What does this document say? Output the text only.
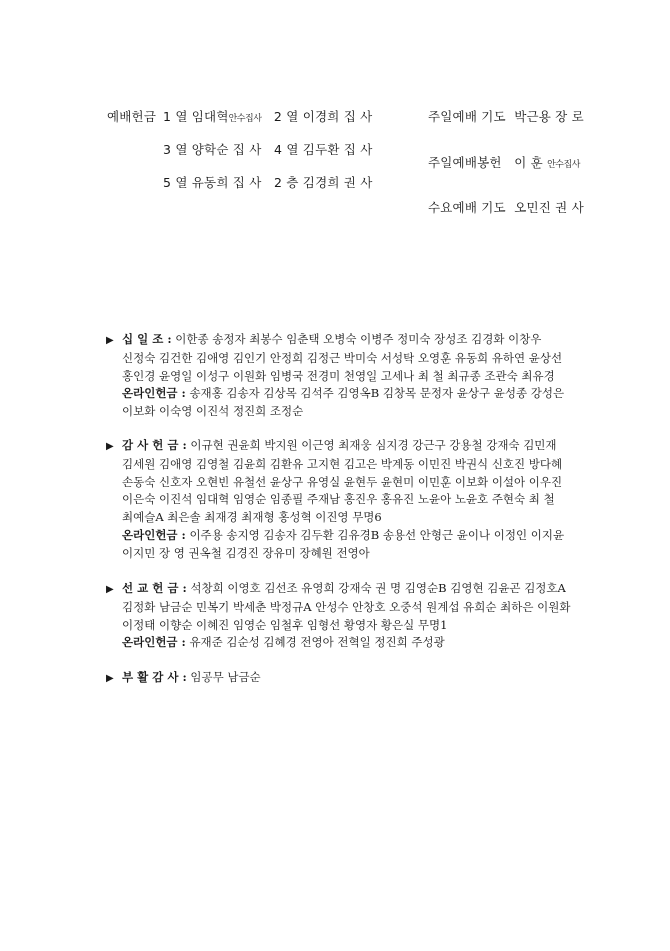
예배헌금 1 열 임대혁안수집사 2 열 이경희 집 사
3 열 양학순 집 사 4 열 김두환 집 사
5 열 유동희 집 사 2 층 김경희 권 사
주일예배 기도 박근용 장 로
주일예배봉헌 이 훈 안수집사
수요예배 기도 오민진 권 사
▶ 십 일 조 : 이한종 송정자 최봉수 임춘택 오병숙 이병주 정미숙 장성조 김경화 이창우
신정숙 김건한 김애영 김인기 안정희 김정근 박미숙 서성탁 오영훈 유동희 유하연 윤상선
홍인경 윤영일 이성구 이원화 임병국 전경미 천영일 고세나 최 철 최규종 조관숙 최유경
온라인헌금 : 송재홍 김송자 김상목 김석주 김영옥B 김창목 문정자 윤상구 윤성종 강성은
이보화 이숙영 이진석 정진희 조정순
▶ 감 사 헌 금 : 이규현 권윤희 박지원 이근영 최재웅 심지경 강근구 강용철 강재숙 김민재
김세원 김애영 김영철 김윤희 김환유 고지현 김고은 박계동 이민진 박권식 신호진 방다혜
손동숙 신호자 오현빈 유철선 윤상구 유영실 윤현두 윤현미 이민훈 이보화 이설아 이우진
이은숙 이진석 임대혁 임영순 임종필 주재남 홍진우 홍유진 노윤아 노윤호 주현숙 최 철
최예슬A 최은솔 최재경 최재형 홍성혁 이진영 무명6
온라인헌금 : 이주용 송지영 김송자 김두환 김유경B 송용선 안형근 윤이나 이정인 이지윤
이지민 장 영 권옥철 김경진 장유미 장혜원 전영아
▶ 선 교 헌 금 : 석창희 이영호 김선조 유영희 강재숙 권 명 김영순B 김영현 김윤곤 김정호A
김정화 남금순 민복기 박세춘 박정규A 안성수 안창호 오중석 원계섭 유희순 최하은 이원화
이정태 이향순 이혜진 임영순 임철후 임형선 황영자 황은실 무명1
온라인헌금 : 유재준 김순성 김혜경 전영아 전혁일 정진희 주성광
▶ 부 활 감 사 : 임공무 남금순
